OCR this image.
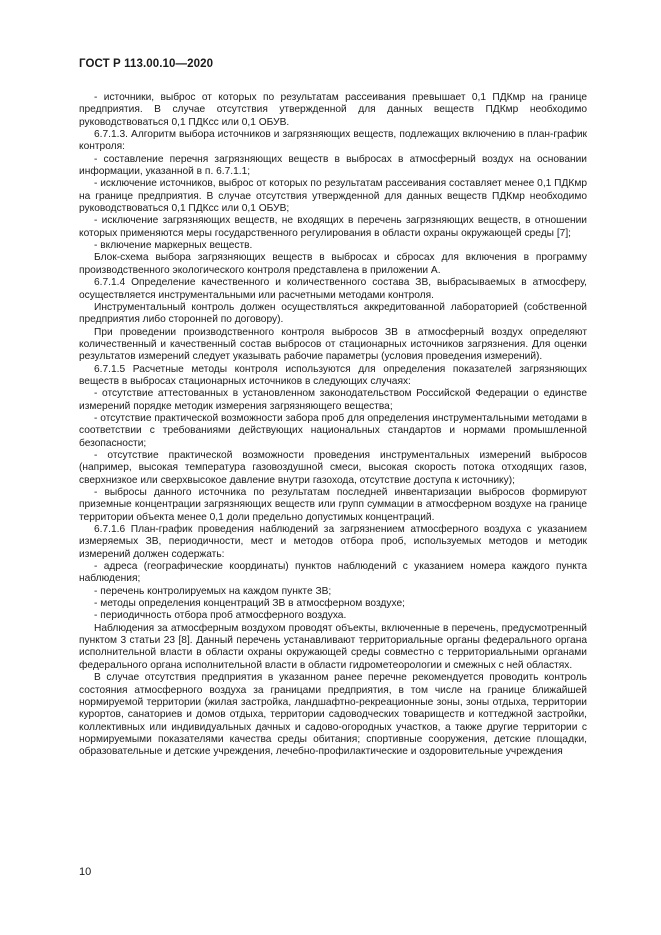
ГОСТ Р 113.00.10—2020

- источники, выброс от которых по результатам рассеивания превышает 0,1 ПДКмр на границе предприятия. В случае отсутствия утвержденной для данных веществ ПДКмр необходимо руководствоваться 0,1 ПДКсс или 0,1 ОБУВ.

6.7.1.3. Алгоритм выбора источников и загрязняющих веществ, подлежащих включению в план-график контроля:

- составление перечня загрязняющих веществ в выбросах в атмосферный воздух на основании информации, указанной в п. 6.7.1.1;

- исключение источников, выброс от которых по результатам рассеивания составляет менее 0,1 ПДКмр на границе предприятия. В случае отсутствия утвержденной для данных веществ ПДКмр необходимо руководствоваться 0,1 ПДКсс или 0,1 ОБУВ;

- исключение загрязняющих веществ, не входящих в перечень загрязняющих веществ, в отношении которых применяются меры государственного регулирования в области охраны окружающей среды [7];

- включение маркерных веществ.

Блок-схема выбора загрязняющих веществ в выбросах и сбросах для включения в программу производственного экологического контроля представлена в приложении А.

6.7.1.4 Определение качественного и количественного состава ЗВ, выбрасываемых в атмосферу, осуществляется инструментальными или расчетными методами контроля.

Инструментальный контроль должен осуществляться аккредитованной лабораторией (собственной предприятия либо сторонней по договору).

При проведении производственного контроля выбросов ЗВ в атмосферный воздух определяют количественный и качественный состав выбросов от стационарных источников загрязнения. Для оценки результатов измерений следует указывать рабочие параметры (условия проведения измерений).

6.7.1.5 Расчетные методы контроля используются для определения показателей загрязняющих веществ в выбросах стационарных источников в следующих случаях:

- отсутствие аттестованных в установленном законодательством Российской Федерации о единстве измерений порядке методик измерения загрязняющего вещества;

- отсутствие практической возможности забора проб для определения инструментальными методами в соответствии с требованиями действующих национальных стандартов и нормами промышленной безопасности;

- отсутствие практической возможности проведения инструментальных измерений выбросов (например, высокая температура газовоздушной смеси, высокая скорость потока отходящих газов, сверхнизкое или сверхвысокое давление внутри газохода, отсутствие доступа к источнику);

- выбросы данного источника по результатам последней инвентаризации выбросов формируют приземные концентрации загрязняющих веществ или групп суммации в атмосферном воздухе на границе территории объекта менее 0,1 доли предельно допустимых концентраций.

6.7.1.6 План-график проведения наблюдений за загрязнением атмосферного воздуха с указанием измеряемых ЗВ, периодичности, мест и методов отбора проб, используемых методов и методик измерений должен содержать:

- адреса (географические координаты) пунктов наблюдений с указанием номера каждого пункта наблюдения;

- перечень контролируемых на каждом пункте ЗВ;

- методы определения концентраций ЗВ в атмосферном воздухе;

- периодичность отбора проб атмосферного воздуха.

Наблюдения за атмосферным воздухом проводят объекты, включенные в перечень, предусмотренный пунктом 3 статьи 23 [8]. Данный перечень устанавливают территориальные органы федерального органа исполнительной власти в области охраны окружающей среды совместно с территориальными органами федерального органа исполнительной власти в области гидрометеорологии и смежных с ней областях.

В случае отсутствия предприятия в указанном ранее перечне рекомендуется проводить контроль состояния атмосферного воздуха за границами предприятия, в том числе на границе ближайшей нормируемой территории (жилая застройка, ландшафтно-рекреационные зоны, зоны отдыха, территории курортов, санаториев и домов отдыха, территории садоводческих товариществ и коттеджной застройки, коллективных или индивидуальных дачных и садово-огородных участков, а также другие территории с нормируемыми показателями качества среды обитания; спортивные сооружения, детские площадки, образовательные и детские учреждения, лечебно-профилактические и оздоровительные учреждения

10
